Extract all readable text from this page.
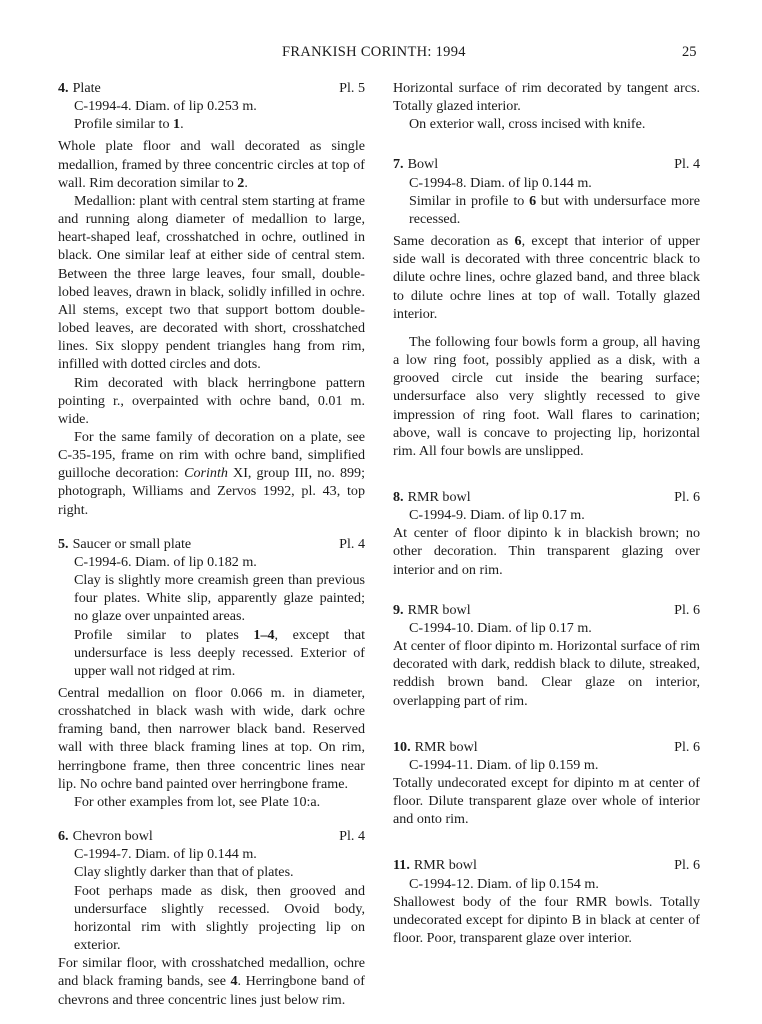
FRANKISH CORINTH: 1994	25
4. Plate	Pl. 5

C-1994-4. Diam. of lip 0.253 m.

Profile similar to 1.

Whole plate floor and wall decorated as single medallion, framed by three concentric circles at top of wall. Rim decoration similar to 2.

Medallion: plant with central stem starting at frame and running along diameter of medallion to large, heart-shaped leaf, crosshatched in ochre, outlined in black. One similar leaf at either side of central stem. Between the three large leaves, four small, double-lobed leaves, drawn in black, solidly infilled in ochre. All stems, except two that support bottom double-lobed leaves, are decorated with short, crosshatched lines. Six sloppy pendent triangles hang from rim, infilled with dotted circles and dots.

Rim decorated with black herringbone pattern pointing r., overpainted with ochre band, 0.01 m. wide.

For the same family of decoration on a plate, see C-35-195, frame on rim with ochre band, simplified guilloche decoration: Corinth XI, group III, no. 899; photograph, Williams and Zervos 1992, pl. 43, top right.

5. Saucer or small plate	Pl. 4

C-1994-6. Diam. of lip 0.182 m.

Clay is slightly more creamish green than previous four plates. White slip, apparently glaze painted; no glaze over unpainted areas.

Profile similar to plates 1–4, except that undersurface is less deeply recessed. Exterior of upper wall not ridged at rim.

Central medallion on floor 0.066 m. in diameter, crosshatched in black wash with wide, dark ochre framing band, then narrower black band. Reserved wall with three black framing lines at top. On rim, herringbone frame, then three concentric lines near lip. No ochre band painted over herringbone frame.

For other examples from lot, see Plate 10:a.

6. Chevron bowl	Pl. 4

C-1994-7. Diam. of lip 0.144 m.

Clay slightly darker than that of plates.

Foot perhaps made as disk, then grooved and undersurface slightly recessed. Ovoid body, horizontal rim with slightly projecting lip on exterior.

For similar floor, with crosshatched medallion, ochre and black framing bands, see 4. Herringbone band of chevrons and three concentric lines just below rim.

Horizontal surface of rim decorated by tangent arcs. Totally glazed interior.

On exterior wall, cross incised with knife.

7. Bowl	Pl. 4

C-1994-8. Diam. of lip 0.144 m.

Similar in profile to 6 but with undersurface more recessed.

Same decoration as 6, except that interior of upper side wall is decorated with three concentric black to dilute ochre lines, ochre glazed band, and three black to dilute ochre lines at top of wall. Totally glazed interior.

The following four bowls form a group, all having a low ring foot, possibly applied as a disk, with a grooved circle cut inside the bearing surface; undersurface also very slightly recessed to give impression of ring foot. Wall flares to carination; above, wall is concave to projecting lip, horizontal rim. All four bowls are unslipped.

8. RMR bowl	Pl. 6

C-1994-9. Diam. of lip 0.17 m.

At center of floor dipinto k in blackish brown; no other decoration. Thin transparent glazing over interior and on rim.

9. RMR bowl	Pl. 6

C-1994-10. Diam. of lip 0.17 m.

At center of floor dipinto m. Horizontal surface of rim decorated with dark, reddish black to dilute, streaked, reddish brown band. Clear glaze on interior, overlapping part of rim.

10. RMR bowl	Pl. 6

C-1994-11. Diam. of lip 0.159 m.

Totally undecorated except for dipinto m at center of floor. Dilute transparent glaze over whole of interior and onto rim.

11. RMR bowl	Pl. 6

C-1994-12. Diam. of lip 0.154 m.

Shallowest body of the four RMR bowls. Totally undecorated except for dipinto B in black at center of floor. Poor, transparent glaze over interior.
